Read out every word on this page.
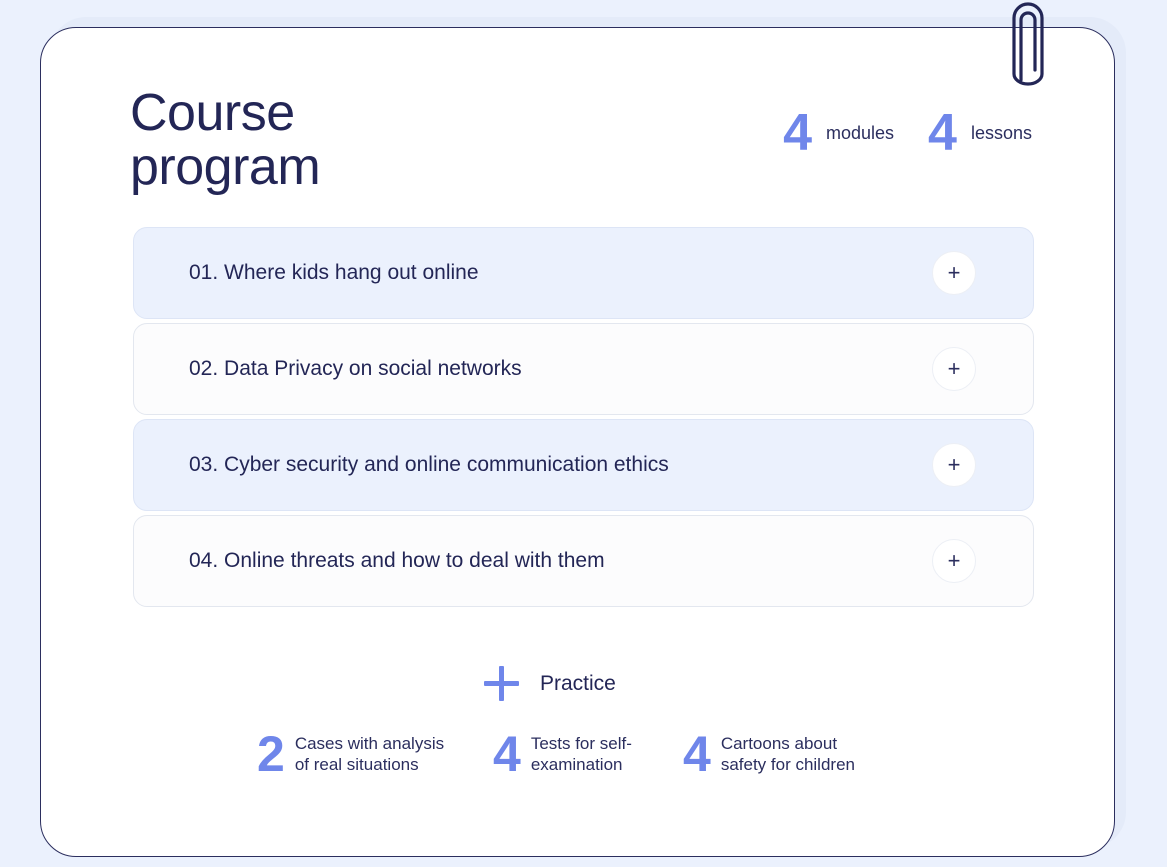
Course
program
4 modules 4 lessons
01. Where kids hang out online	+
02. Data Privacy on social networks	+
03. Cyber security and online communication ethics	+
04. Online threats and how to deal with them	+
Practice
2 Cases with analysis
of real situations	4 Tests for self-
examination 4 Cartoons about
safety for children
